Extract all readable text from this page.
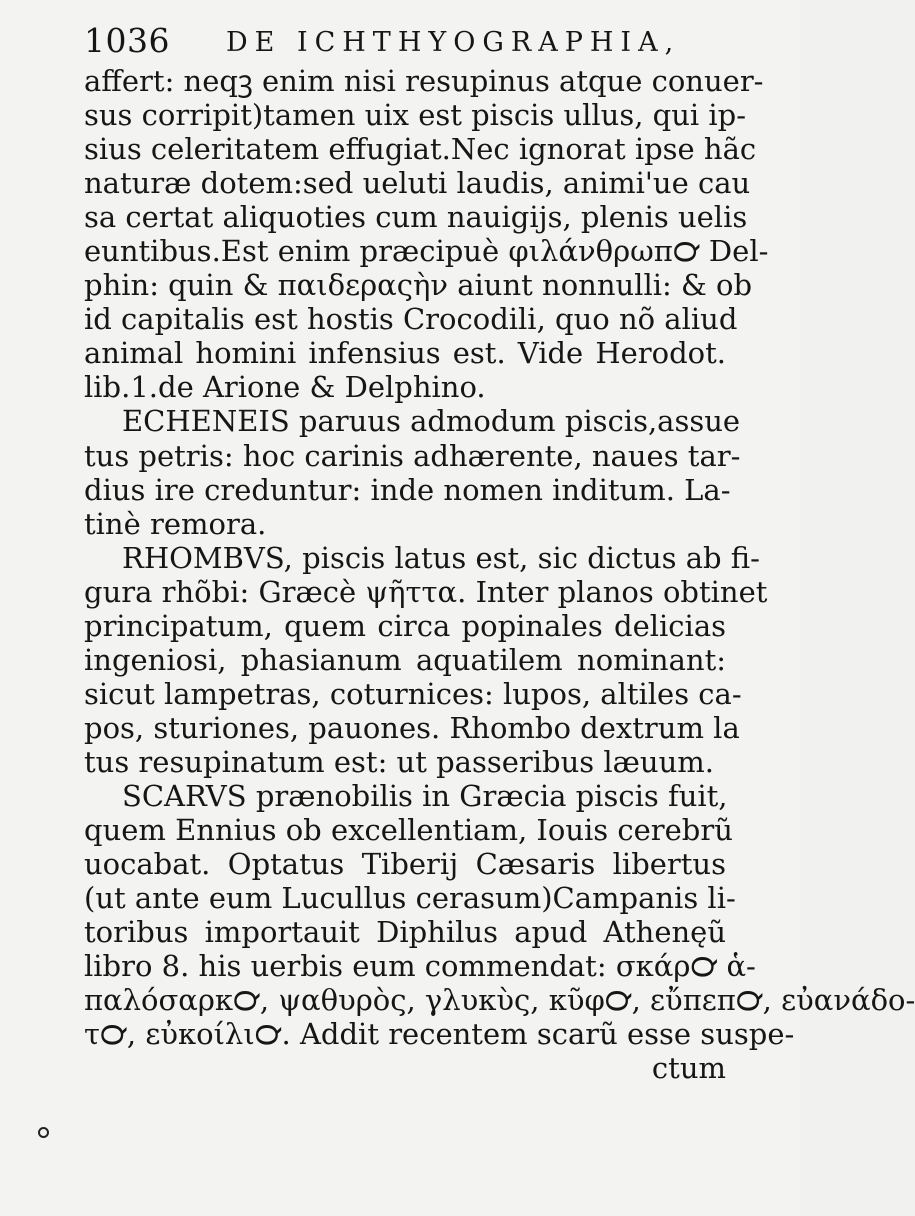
1036 DE ICHTHYOGRAPHIA,
affert: neqꝫ enim nisi resupinus atque conuer-
sus corripit)tamen uix est piscis ullus, qui ip-
sius celeritatem effugiat.Nec ignorat ipse hãc
naturæ dotem:sed ueluti laudis, animi'ue cau
sa certat aliquoties cum nauigijs, plenis uelis
euntibus.Est enim præcipuè φιλάνθρωπ℺ Del-
phin: quin & παιδεραςὴν aiunt nonnulli: & ob
id capitalis est hostis Crocodili, quo nõ aliud
animal homini infensius est. Vide Herodot.
lib.1.de Arione & Delphino.
ECHENEIS paruus admodum piscis,assue
tus petris: hoc carinis adhærente, naues tar-
dius ire creduntur: inde nomen inditum. La-
tinè remora.
RHOMBVS, piscis latus est, sic dictus ab fi-
gura rhõbi: Græcè ψῆττα. Inter planos obtinet
principatum, quem circa popinales delicias
ingeniosi, phasianum aquatilem nominant:
sicut lampetras, coturnices: lupos, altiles ca-
pos, sturiones, pauones. Rhombo dextrum la
tus resupinatum est: ut passeribus læuum.
SCARVS prænobilis in Græcia piscis fuit,
quem Ennius ob excellentiam, Iouis cerebrũ
uocabat. Optatus Tiberij Cæsaris libertus
(ut ante eum Lucullus cerasum)Campanis li-
toribus importauit Diphilus apud Athenęũ
libro 8. his uerbis eum commendat: σκάρ℺ ἁ-
παλόσαρκ℺, ψαθυρὸς, γλυκὺς, κῦφ℺, εὔπεπ℺, εὐανάδο-
τ℺, εὐκοίλι℺. Addit recentem scarũ esse suspe-
ctum
